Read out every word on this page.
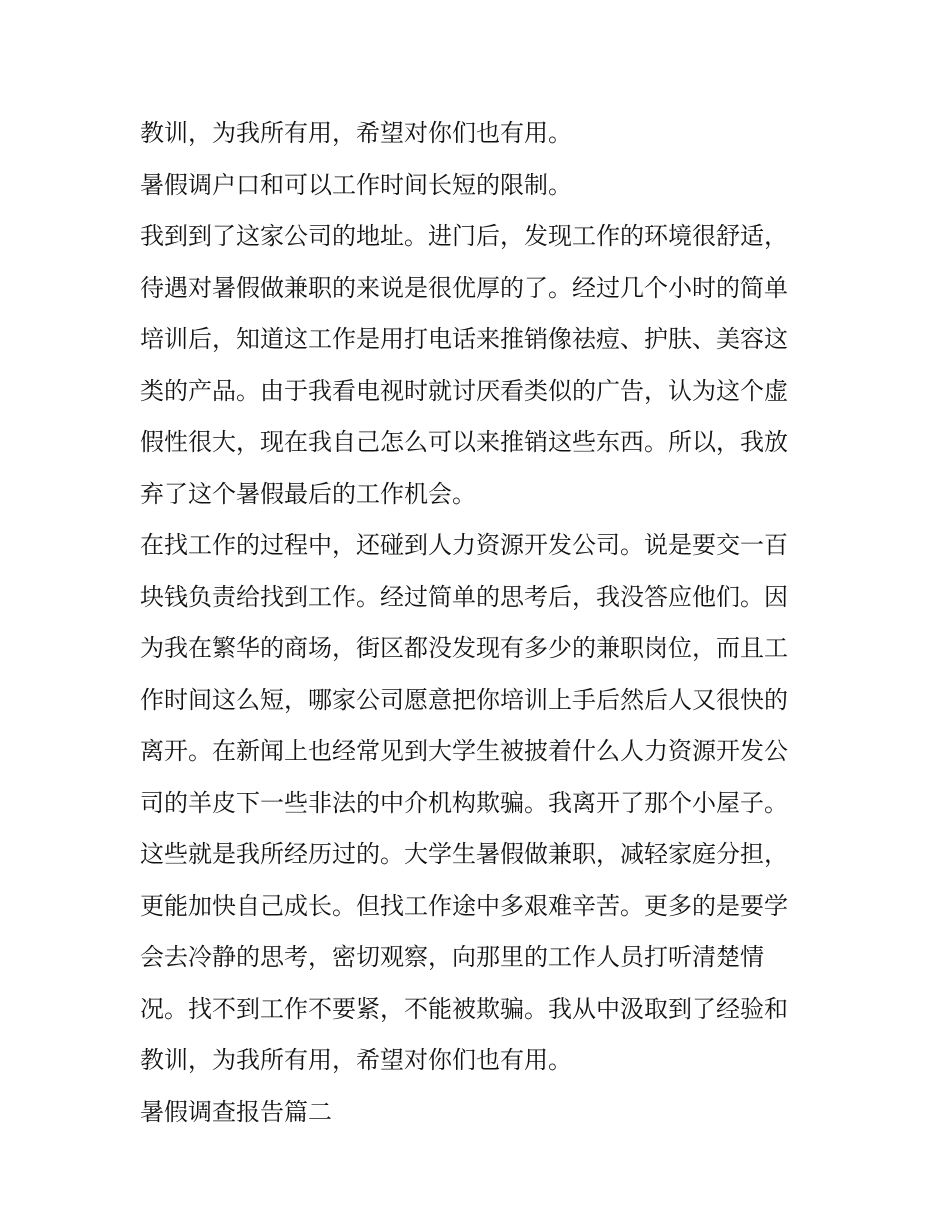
教训，为我所有用，希望对你们也有用。
暑假调户口和可以工作时间长短的限制。
我到到了这家公司的地址。进门后，发现工作的环境很舒适，
待遇对暑假做兼职的来说是很优厚的了。经过几个小时的简单
培训后，知道这工作是用打电话来推销像祛痘、护肤、美容这
类的产品。由于我看电视时就讨厌看类似的广告，认为这个虚
假性很大，现在我自己怎么可以来推销这些东西。所以，我放
弃了这个暑假最后的工作机会。
在找工作的过程中，还碰到人力资源开发公司。说是要交一百
块钱负责给找到工作。经过简单的思考后，我没答应他们。因
为我在繁华的商场，街区都没发现有多少的兼职岗位，而且工
作时间这么短，哪家公司愿意把你培训上手后然后人又很快的
离开。在新闻上也经常见到大学生被披着什么人力资源开发公
司的羊皮下一些非法的中介机构欺骗。我离开了那个小屋子。
这些就是我所经历过的。大学生暑假做兼职，减轻家庭分担，
更能加快自己成长。但找工作途中多艰难辛苦。更多的是要学
会去冷静的思考，密切观察，向那里的工作人员打听清楚情
况。找不到工作不要紧，不能被欺骗。我从中汲取到了经验和
教训，为我所有用，希望对你们也有用。
暑假调查报告篇二
